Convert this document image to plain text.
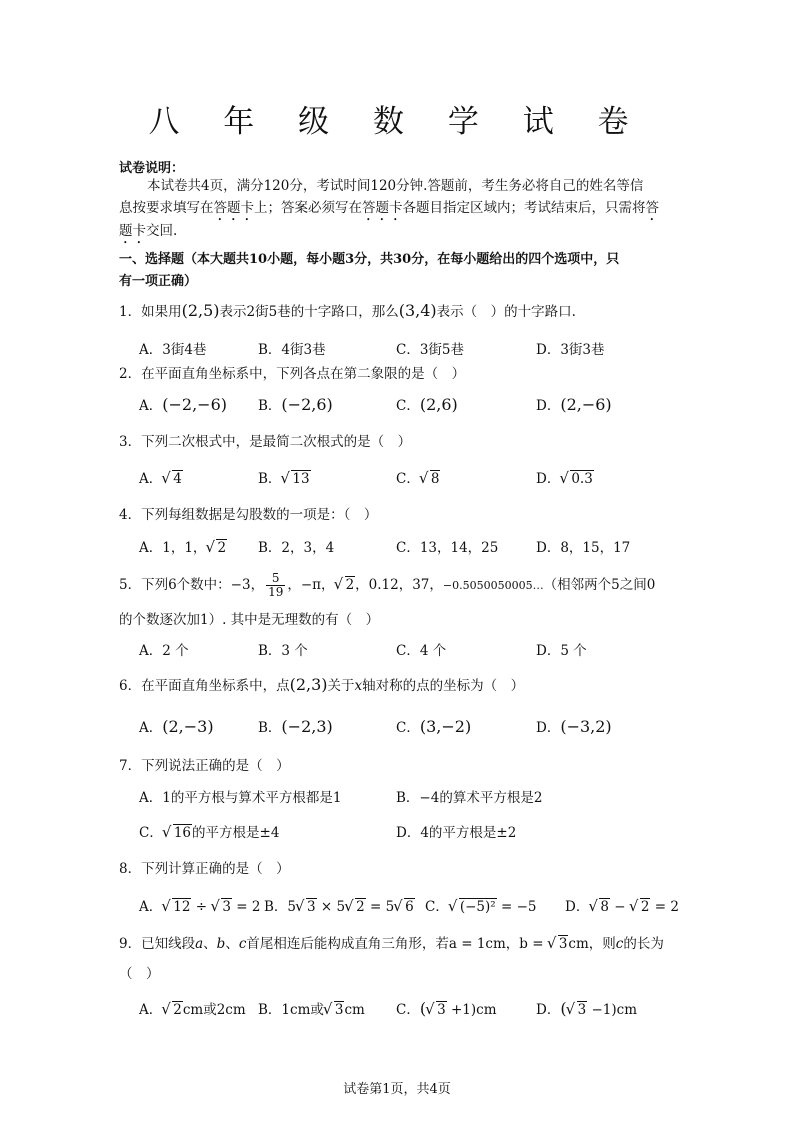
八 年 级 数 学 试 卷
试卷说明：
本试卷共4页，满分120分，考试时间120分钟.答题前，考生务必将自己的姓名等信
息按要求填写在答题卡上；答案必须写在答题卡各题目指定区域内；考试结束后，只需将答
题卡交回.
一、选择题（本大题共10小题，每小题3分，共30分，在每小题给出的四个选项中，只
有一项正确）
1．如果用(2,5)表示2街5巷的十字路口，那么(3,4)表示（　）的十字路口.
A．3街4巷	B．4街3巷	C．3街5巷	D．3街3巷
2．在平面直角坐标系中，下列各点在第二象限的是（　）
A．(−2,−6) B．(−2,6)	C．(2,6)	D．(2,−6)
3．下列二次根式中，是最简二次根式的是（　）
A． √ 4	B． √ 13	C． √ 8	D． √ 0.3
4．下列每组数据是勾股数的一项是：（　）
A．1，1， √ 2 B．2，3，4	C．13，14，25	D．8，15，17
5．下列6个数中：−3， $\frac{5}{19}$ ，−π， √ 2，0.12，37，−0.5050050005…（相邻两个5之间0
的个数逐次加1）. 其中是无理数的有（　）
A．2 个	B．3 个	C．4 个	D．5 个
6．在平面直角坐标系中，点(2,3)关于x轴对称的点的坐标为（　）
A．(2,−3)	B．(−2,3)	C．(3,−2)	D．(−3,2)
7．下列说法正确的是（　）
A．1的平方根与算术平方根都是1	B．−4的算术平方根是2
C． √ 16的平方根是±4	D．4的平方根是±2
8．下列计算正确的是（　）
A． √ 12 ÷ √ 3 = 2 B．5 √ 3 × 5 √ 2 = 5 √ 6 C． √ (−5)² = −5 D． √ 8 − √ 2 = 2
9．已知线段a、b、c首尾相连后能构成直角三角形，若a = 1cm，b = √ 3cm，则c的长为
（　）
A． √ 2cm或2cm B．1cm或 √ 3cm C．( √ 3 +1)cm	D．( √ 3 −1)cm
试卷第1页，共4页
